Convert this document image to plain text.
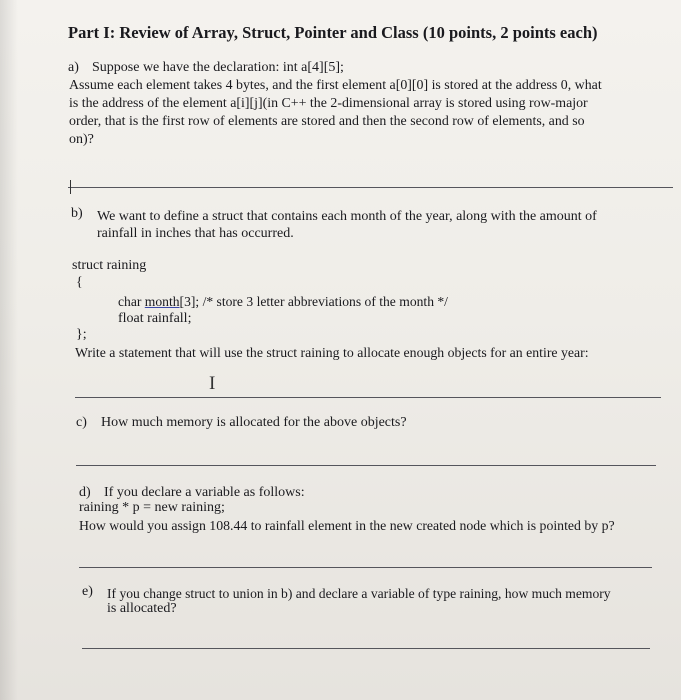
Part I: Review of Array, Struct, Pointer and Class (10 points, 2 points each)
a) Suppose we have the declaration: int a[4][5];
Assume each element takes 4 bytes, and the first element a[0][0] is stored at the address 0, what
is the address of the element a[i][j](in C++ the 2-dimensional array is stored using row-major
order, that is the first row of elements are stored and then the second row of elements, and so
on)?
b) We want to define a struct that contains each month of the year, along with the amount of
rainfall in inches that has occurred.
struct raining
{
char month[3]; /* store 3 letter abbreviations of the month */
float rainfall;
};
Write a statement that will use the struct raining to allocate enough objects for an entire year:
I
c) How much memory is allocated for the above objects?
d) If you declare a variable as follows:
raining * p = new raining;
How would you assign 108.44 to rainfall element in the new created node which is pointed by p?
e) If you change struct to union in b) and declare a variable of type raining, how much memory
is allocated?
